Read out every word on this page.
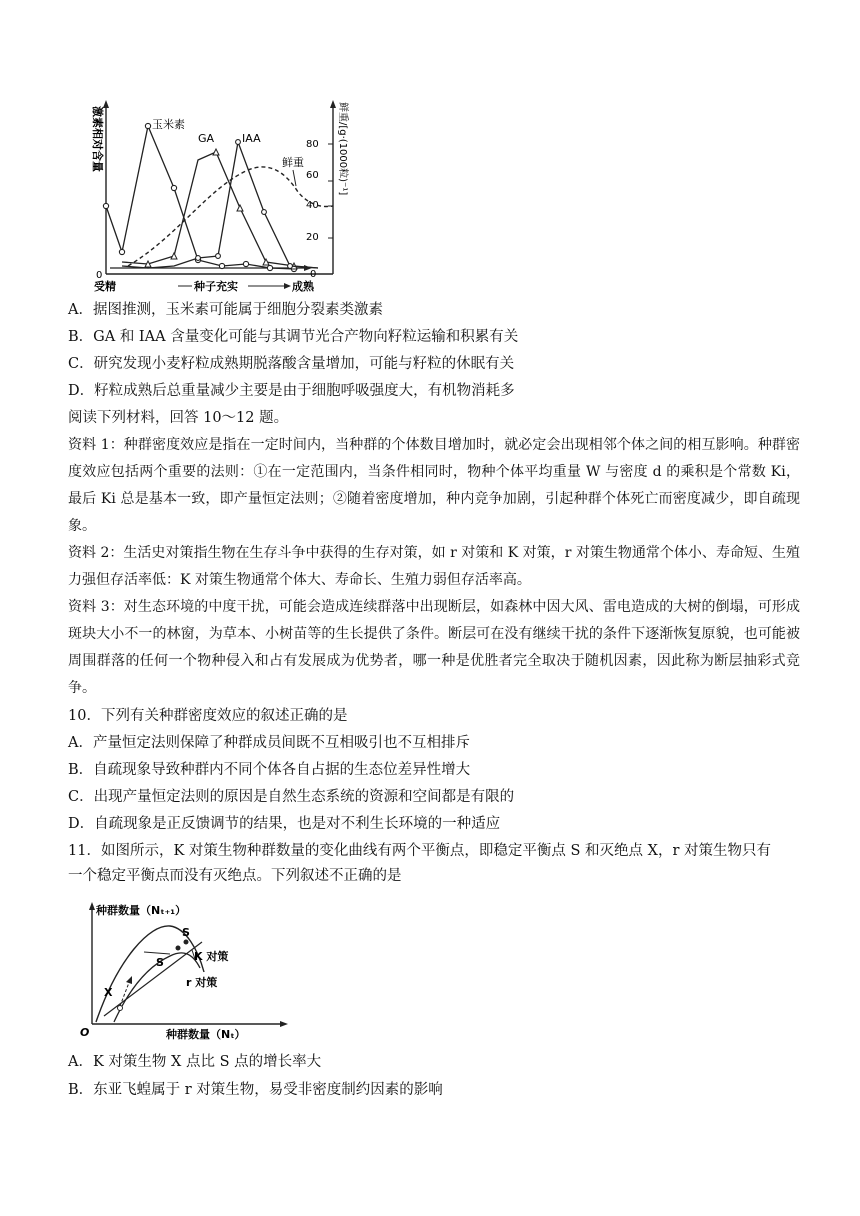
激素相对含量
0
80
60
40
20
0
鲜重/[g·(1000粒)⁻¹]
受精	种子充实	成熟
玉米素
GA	IAA
鲜重
A．据图推测，玉米素可能属于细胞分裂素类激素
B．GA 和 IAA 含量变化可能与其调节光合产物向籽粒运输和积累有关
C．研究发现小麦籽粒成熟期脱落酸含量增加，可能与籽粒的休眠有关
D．籽粒成熟后总重量减少主要是由于细胞呼吸强度大，有机物消耗多
阅读下列材料，回答 10～12 题。
资料 1：种群密度效应是指在一定时间内，当种群的个体数目增加时，就必定会出现相邻个体之间的相互影响。种群密度效应包括两个重要的法则：①在一定范围内，当条件相同时，物种个体平均重量 W 与密度 d 的乘积是个常数 Ki，最后 Ki 总是基本一致，即产量恒定法则；②随着密度增加，种内竞争加剧，引起种群个体死亡而密度减少，即自疏现象。
资料 2：生活史对策指生物在生存斗争中获得的生存对策，如 r 对策和 K 对策，r 对策生物通常个体小、寿命短、生殖力强但存活率低：K 对策生物通常个体大、寿命长、生殖力弱但存活率高。
资料 3：对生态环境的中度干扰，可能会造成连续群落中出现断层，如森林中因大风、雷电造成的大树的倒塌，可形成斑块大小不一的林窗，为草本、小树苗等的生长提供了条件。断层可在没有继续干扰的条件下逐渐恢复原貌，也可能被周围群落的任何一个物种侵入和占有发展成为优势者，哪一种是优胜者完全取决于随机因素，因此称为断层抽彩式竞争。
10．下列有关种群密度效应的叙述正确的是
A．产量恒定法则保障了种群成员间既不互相吸引也不互相排斥
B．自疏现象导致种群内不同个体各自占据的生态位差异性增大
C．出现产量恒定法则的原因是自然生态系统的资源和空间都是有限的
D．自疏现象是正反馈调节的结果，也是对不利生长环境的一种适应
11．如图所示，K 对策生物种群数量的变化曲线有两个平衡点，即稳定平衡点 S 和灭绝点 X，r 对策生物只有
一个稳定平衡点而没有灭绝点。下列叙述不正确的是
种群数量（Nₜ₊₁）
种群数量（Nₜ）
O
S
S
X
K 对策
r 对策
A．K 对策生物 X 点比 S 点的增长率大
B．东亚飞蝗属于 r 对策生物，易受非密度制约因素的影响
